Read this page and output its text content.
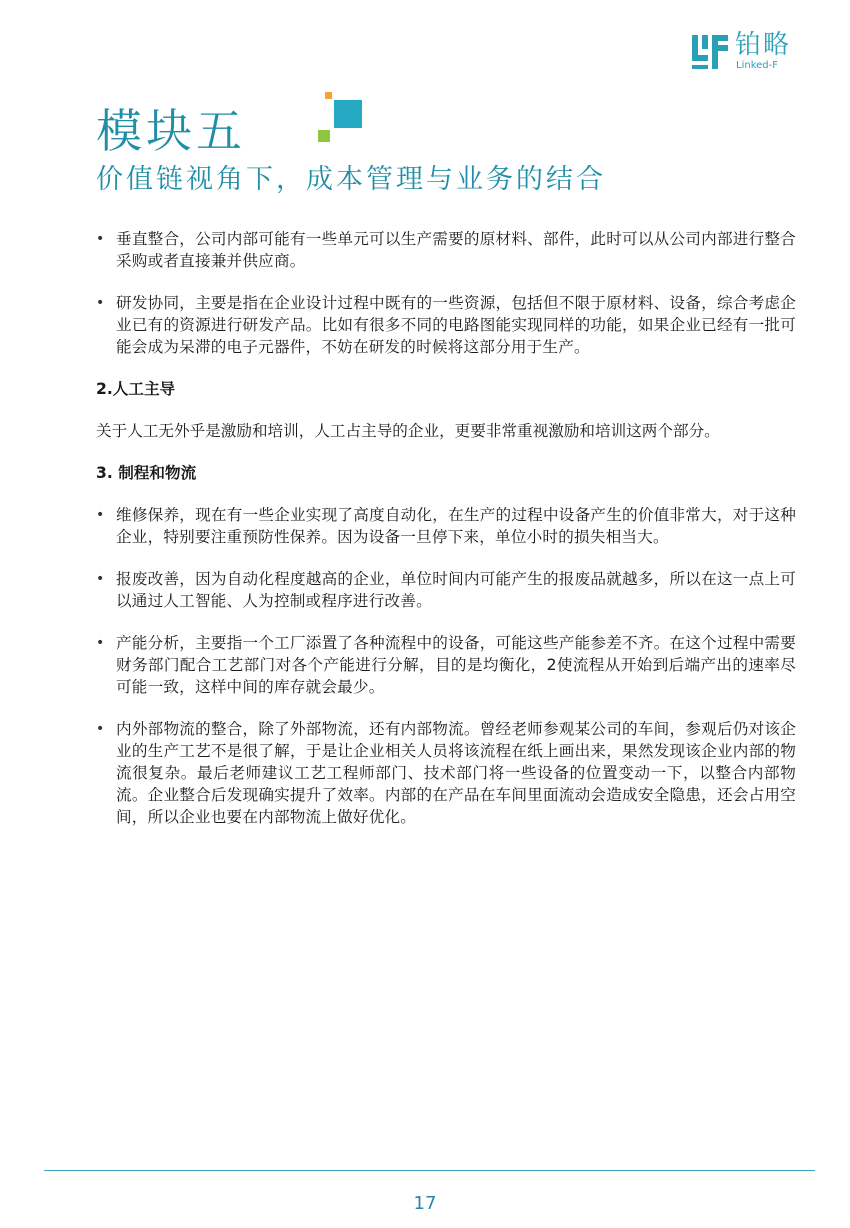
铂略
Linked-F
模块五
价值链视角下，成本管理与业务的结合
• 垂直整合，公司内部可能有一些单元可以生产需要的原材料、部件，此时可以从公司内部进行整合采购或者直接兼并供应商。
• 研发协同，主要是指在企业设计过程中既有的一些资源，包括但不限于原材料、设备，综合考虑企业已有的资源进行研发产品。比如有很多不同的电路图能实现同样的功能，如果企业已经有一批可能会成为呆滞的电子元器件，不妨在研发的时候将这部分用于生产。

2.人工主导

关于人工无外乎是激励和培训，人工占主导的企业，更要非常重视激励和培训这两个部分。

3. 制程和物流

• 维修保养，现在有一些企业实现了高度自动化，在生产的过程中设备产生的价值非常大，对于这种企业，特别要注重预防性保养。因为设备一旦停下来，单位小时的损失相当大。
• 报废改善，因为自动化程度越高的企业，单位时间内可能产生的报废品就越多，所以在这一点上可以通过人工智能、人为控制或程序进行改善。
• 产能分析，主要指一个工厂添置了各种流程中的设备，可能这些产能参差不齐。在这个过程中需要财务部门配合工艺部门对各个产能进行分解，目的是均衡化，2使流程从开始到后端产出的速率尽可能一致，这样中间的库存就会最少。
• 内外部物流的整合，除了外部物流，还有内部物流。曾经老师参观某公司的车间，参观后仍对该企业的生产工艺不是很了解，于是让企业相关人员将该流程在纸上画出来，果然发现该企业内部的物流很复杂。最后老师建议工艺工程师部门、技术部门将一些设备的位置变动一下，以整合内部物流。企业整合后发现确实提升了效率。内部的在产品在车间里面流动会造成安全隐患，还会占用空间，所以企业也要在内部物流上做好优化。
17
